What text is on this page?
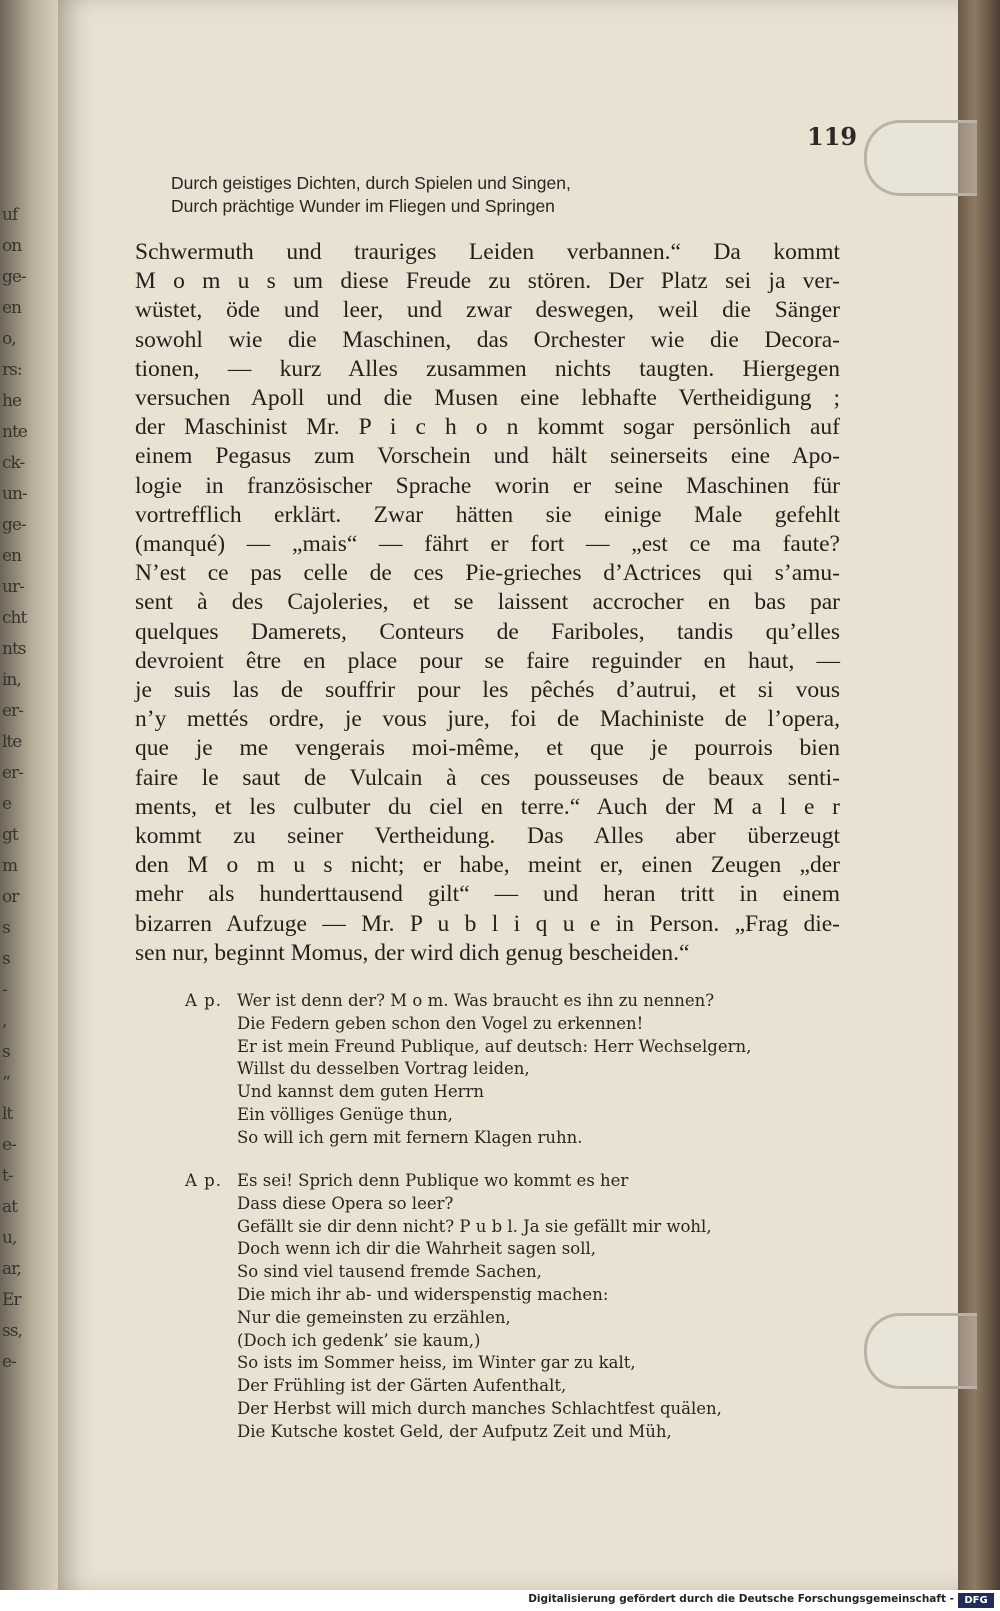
uf
on
ge-
en
o,
rs:
he
nte
ck-
un-
ge-
en
ur-
cht
nts
in,
er-
lte
er-
e
gt
m
or
s
s
-
,
s
“
lt
e-
t-
at
u,
ar,
Er
ss,
e-
119
Durch geistiges Dichten, durch Spielen und Singen,
Durch prächtige Wunder im Fliegen und Springen
Schwermuth und trauriges Leiden verbannen.“ Da kommt
M o m u s um diese Freude zu stören. Der Platz sei ja ver-
wüstet, öde und leer, und zwar deswegen, weil die Sänger
sowohl wie die Maschinen, das Orchester wie die Decora-
tionen, — kurz Alles zusammen nichts taugten. Hiergegen
versuchen Apoll und die Musen eine lebhafte Vertheidigung ;
der Maschinist Mr. P i c h o n kommt sogar persönlich auf
einem Pegasus zum Vorschein und hält seinerseits eine Apo-
logie in französischer Sprache worin er seine Maschinen für
vortrefflich erklärt. Zwar hätten sie einige Male gefehlt
(manqué) — „mais“ — fährt er fort — „est ce ma faute?
N’est ce pas celle de ces Pie-grieches d’Actrices qui s’amu-
sent à des Cajoleries, et se laissent accrocher en bas par
quelques Damerets, Conteurs de Fariboles, tandis qu’elles
devroient être en place pour se faire reguinder en haut, —
je suis las de souffrir pour les pêchés d’autrui, et si vous
n’y mettés ordre, je vous jure, foi de Machiniste de l’opera,
que je me vengerais moi-même, et que je pourrois bien
faire le saut de Vulcain à ces pousseuses de beaux senti-
ments, et les culbuter du ciel en terre.“ Auch der M a l e r
kommt zu seiner Vertheidung. Das Alles aber überzeugt
den M o m u s nicht; er habe, meint er, einen Zeugen „der
mehr als hunderttausend gilt“ — und heran tritt in einem
bizarren Aufzuge — Mr. P u b l i q u e in Person. „Frag die-
sen nur, beginnt Momus, der wird dich genug bescheiden.“
A p. Wer ist denn der? M o m. Was braucht es ihn zu nennen?
Die Federn geben schon den Vogel zu erkennen!
Er ist mein Freund Publique, auf deutsch: Herr Wechselgern,
Willst du desselben Vortrag leiden,
Und kannst dem guten Herrn
Ein völliges Genüge thun,
So will ich gern mit fernern Klagen ruhn.
A p. Es sei! Sprich denn Publique wo kommt es her
Dass diese Opera so leer?
Gefällt sie dir denn nicht? P u b l. Ja sie gefällt mir wohl,
Doch wenn ich dir die Wahrheit sagen soll,
So sind viel tausend fremde Sachen,
Die mich ihr ab- und widerspenstig machen:
Nur die gemeinsten zu erzählen,
(Doch ich gedenk’ sie kaum,)
So ists im Sommer heiss, im Winter gar zu kalt,
Der Frühling ist der Gärten Aufenthalt,
Der Herbst will mich durch manches Schlachtfest quälen,
Die Kutsche kostet Geld, der Aufputz Zeit und Müh,
Digitalisierung gefördert durch die Deutsche Forschungsgemeinschaft -	DFG
